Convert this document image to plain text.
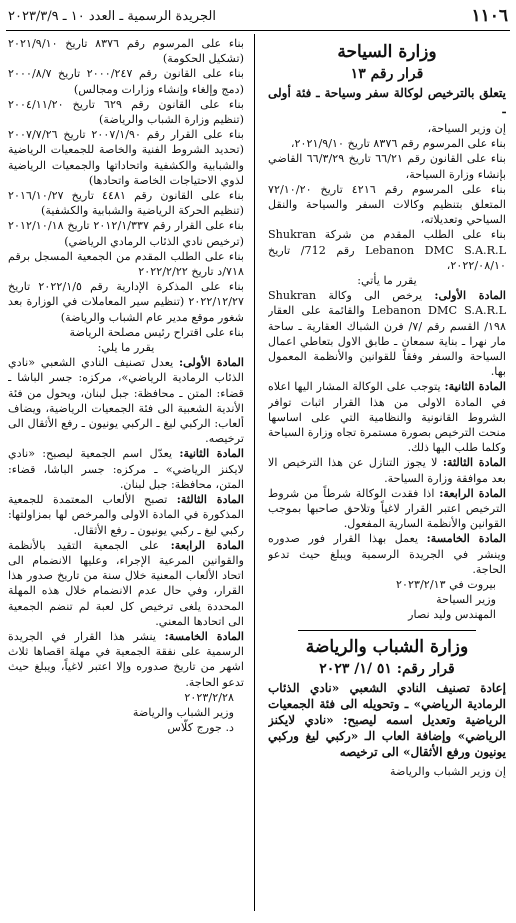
١١٠٦
الجريدة الرسمية ـ العدد ١٠ ـ ٢٠٢٣/٣/٩
وزارة السياحة
قرار رقم ١٣
يتعلق بالترخيص لوكالة سفر وسياحة ـ فئة أولى ـ

إن وزير السياحة،

بناء على المرسوم رقم ٨٣٧٦ تاريخ ٢٠٢١/٩/١٠،

بناء على القانون رقم ٦٦/٢١ تاريخ ٦٦/٣/٢٩ القاضي بإنشاء وزارة السياحة،

بناء على المرسوم رقم ٤٢١٦ تاريخ ٧٢/١٠/٢٠ المتعلق بتنظيم وكالات السفر والسياحة والنقل السياحي وتعديلاته،

بناء على الطلب المقدم من شركة Shukran Lebanon DMC S.A.R.L رقم 712/ تاريخ ٢٠٢٢/٠٨/١٠،

يقرر ما يأتي:

المادة الأولى: يرخص الى وكالة Shukran Lebanon DMC S.A.R.L والقائمة على العقار ١٩٨/ القسم رقم /٧/ فرن الشباك العقارية ـ ساحة مار نهرا ـ بناية سمعان ـ طابق الاول بتعاطي اعمال السياحة والسفر وفقاً للقوانين والأنظمة المعمول بها.

المادة الثانية: يتوجب على الوكالة المشار اليها اعلاه في المادة الاولى من هذا القرار اثبات توافر الشروط القانونية والنظامية التي على اساسها منحت الترخيص بصورة مستمرة تجاه وزارة السياحة وكلما طلب اليها ذلك.

المادة الثالثة: لا يجوز التنازل عن هذا الترخيص الا بعد موافقة وزارة السياحة.

المادة الرابعة: اذا فقدت الوكالة شرطاً من شروط الترخيص اعتبر القرار لاغياً وتلاحق صاحبها بموجب القوانين والأنظمة السارية المفعول.

المادة الخامسة: يعمل بهذا القرار فور صدوره وينشر في الجريدة الرسمية ويبلغ حيث تدعو الحاجة.

بيروت في ٢٠٢٣/٢/١٣

وزير السياحة

المهندس وليد نصار

وزارة الشباب والرياضة
قرار رقم: ٥١ /١/ ٢٠٢٣
إعادة تصنيف النادي الشعبي «نادي الذئاب الرمادية الرياضي» ـ وتحويله الى فئة الجمعيات الرياضية وتعديل اسمه ليصبح: «نادي لايكنز الرياضي» وإضافة العاب الـ «ركبي ليغ وركبي يونيون ورفع الأثقال» الى ترخيصه

إن وزير الشباب والرياضة

بناء على المرسوم رقم ٨٣٧٦ تاريخ ٢٠٢١/٩/١٠ (تشكيل الحكومة)

بناء على القانون رقم ٢٠٠٠/٢٤٧ تاريخ ٢٠٠٠/٨/٧ (دمج وإلغاء وإنشاء وزارات ومجالس)

بناء على القانون رقم ٦٢٩ تاريخ ٢٠٠٤/١١/٢٠ (تنظيم وزارة الشباب والرياضة)

بناء على القرار رقم ٢٠٠٧/١/٩٠ تاريخ ٢٠٠٧/٧/٢٦ (تحديد الشروط الفنية والخاصة للجمعيات الرياضية والشبابية والكشفية واتحاداتها والجمعيات الرياضية لذوي الاحتياجات الخاصة واتحادها)

بناء على القانون رقم ٤٤٨١ تاريخ ٢٠١٦/١٠/٢٧ (تنظيم الحركة الرياضية والشبابية والكشفية)

بناء على القرار رقم ٢٠١٢/١/٣٣٧ تاريخ ٢٠١٢/١٠/١٨ (ترخيص نادي الذئاب الرمادي الرياضي)

بناء على الطلب المقدم من الجمعية المسجل برقم ٧١٨/د تاريخ ٢٠٢٢/٢/٢٢

بناء على المذكرة الإدارية رقم ٢٠٢٢/١/٥ تاريخ ٢٠٢٢/١٢/٢٧ (تنظيم سير المعاملات في الوزارة بعد شغور موقع مدير عام الشباب والرياضة)

بناء على اقتراح رئيس مصلحة الرياضة

يقرر ما يلي:

المادة الأولى: يعدل تصنيف النادي الشعبي «نادي الذئاب الرمادية الرياضي»، مركزه: جسر الباشا ـ قضاء: المتن ـ محافظة: جبل لبنان، ويحول من فئة الأندية الشعبية الى فئة الجمعيات الرياضية، ويضاف ألعاب: الركبي ليغ ـ الركبي يونيون ـ رفع الأثقال الى ترخيصه.

المادة الثانية: يعدّل اسم الجمعية ليصبح: «نادي لايكنز الرياضي» ـ مركزه: جسر الباشا، قضاء: المتن، محافظة: جبل لبنان.

المادة الثالثة: تصبح الألعاب المعتمدة للجمعية المذكورة في المادة الاولى والمرخص لها بمزاولتها: ركبي ليغ ـ ركبي يونيون ـ رفع الأثقال.

المادة الرابعة: على الجمعية التقيد بالأنظمة والقوانين المرعية الإجراء، وعليها الانضمام الى اتحاد الألعاب المعنية خلال سنة من تاريخ صدور هذا القرار، وفي حال عدم الانضمام خلال هذه المهلة المحددة يلغى ترخيص كل لعبة لم تنضم الجمعية الى اتحادها المعني.

المادة الخامسة: ينشر هذا القرار في الجريدة الرسمية على نفقة الجمعية في مهلة اقصاها ثلاث اشهر من تاريخ صدوره وإلا اعتبر لاغياً، ويبلغ حيث تدعو الحاجة.

٢٠٢٣/٢/٢٨

وزير الشباب والرياضة

د. جورج كلّاس
